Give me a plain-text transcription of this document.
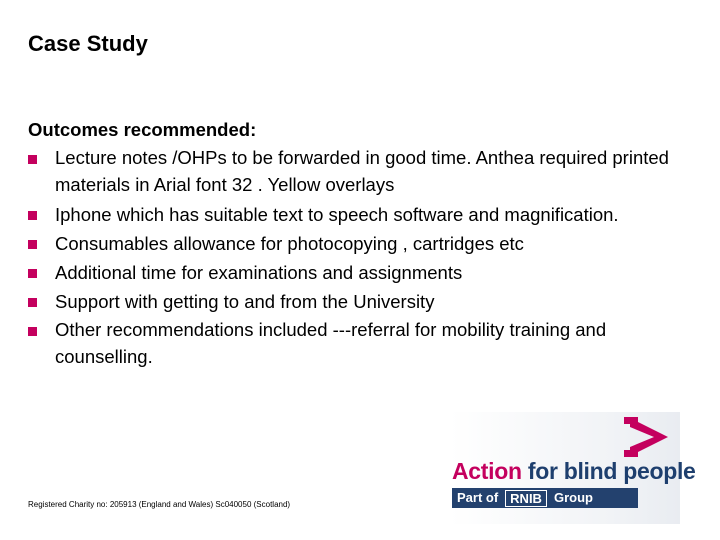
Case Study

Outcomes recommended:

Lecture notes /OHPs to be forwarded in good time. Anthea required printed materials in Arial font 32 . Yellow overlays
Iphone which has suitable text to speech software and magnification.
Consumables allowance for photocopying , cartridges etc
Additional time for examinations and assignments
Support with getting to and from the University
Other recommendations included ---referral for mobility training and counselling.

Registered Charity no: 205913 (England and Wales) Sc040050 (Scotland)

Action for blind people

Part of RNIB Group
